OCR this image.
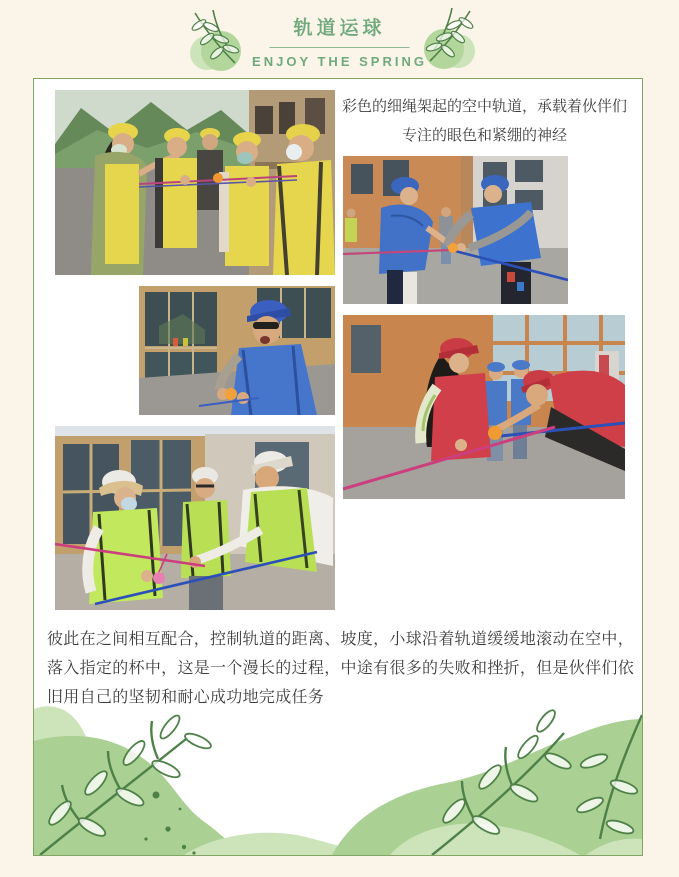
轨道运球
ENJOY THE SPRING
彩色的细绳架起的空中轨道，承载着伙伴们
专注的眼色和紧绷的神经
彼此在之间相互配合，控制轨道的距离、坡度，小球沿着轨道缓缓地滚动在空中，落入指定的杯中，这是一个漫长的过程，中途有很多的失败和挫折，但是伙伴们依旧用自己的坚韧和耐心成功地完成任务
